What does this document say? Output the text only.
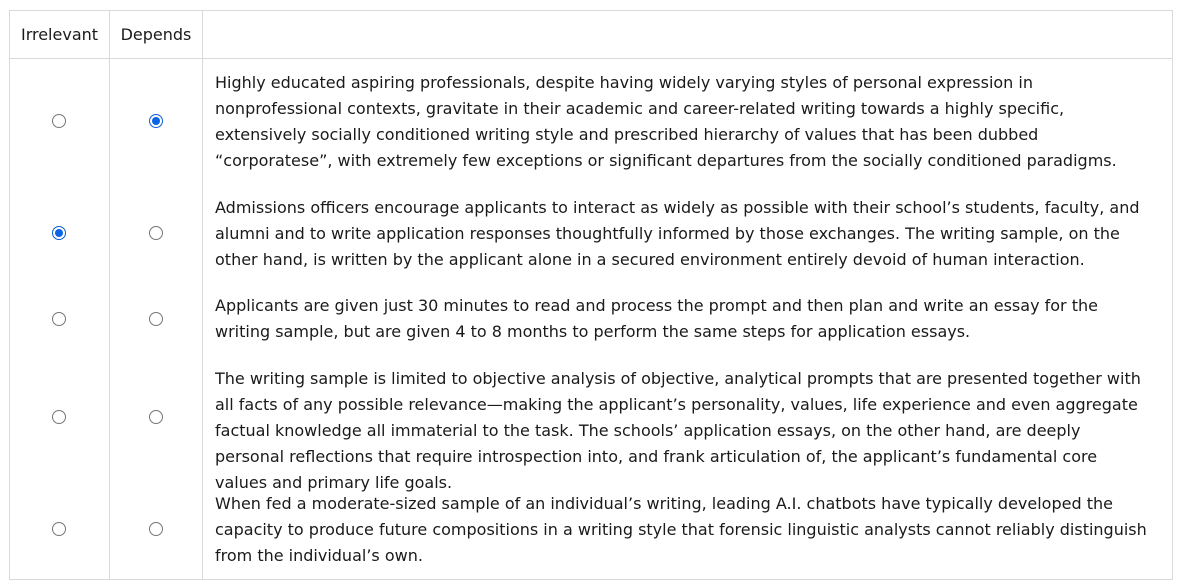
Irrelevant	Depends
Highly educated aspiring professionals, despite having widely varying styles of personal expression in nonprofessional contexts, gravitate in their academic and career-related writing towards a highly specific, extensively socially conditioned writing style and prescribed hierarchy of values that has been dubbed “corporatese”, with extremely few exceptions or significant departures from the socially conditioned paradigms.
Admissions officers encourage applicants to interact as widely as possible with their school’s students, faculty, and alumni and to write application responses thoughtfully informed by those exchanges. The writing sample, on the other hand, is written by the applicant alone in a secured environment entirely devoid of human interaction.
Applicants are given just 30 minutes to read and process the prompt and then plan and write an essay for the writing sample, but are given 4 to 8 months to perform the same steps for application essays.
The writing sample is limited to objective analysis of objective, analytical prompts that are presented together with all facts of any possible relevance—making the applicant’s personality, values, life experience and even aggregate factual knowledge all immaterial to the task. The schools’ application essays, on the other hand, are deeply personal reflections that require introspection into, and frank articulation of, the applicant’s fundamental core values and primary life goals.
When fed a moderate-sized sample of an individual’s writing, leading A.I. chatbots have typically developed the capacity to produce future compositions in a writing style that forensic linguistic analysts cannot reliably distinguish from the individual’s own.
